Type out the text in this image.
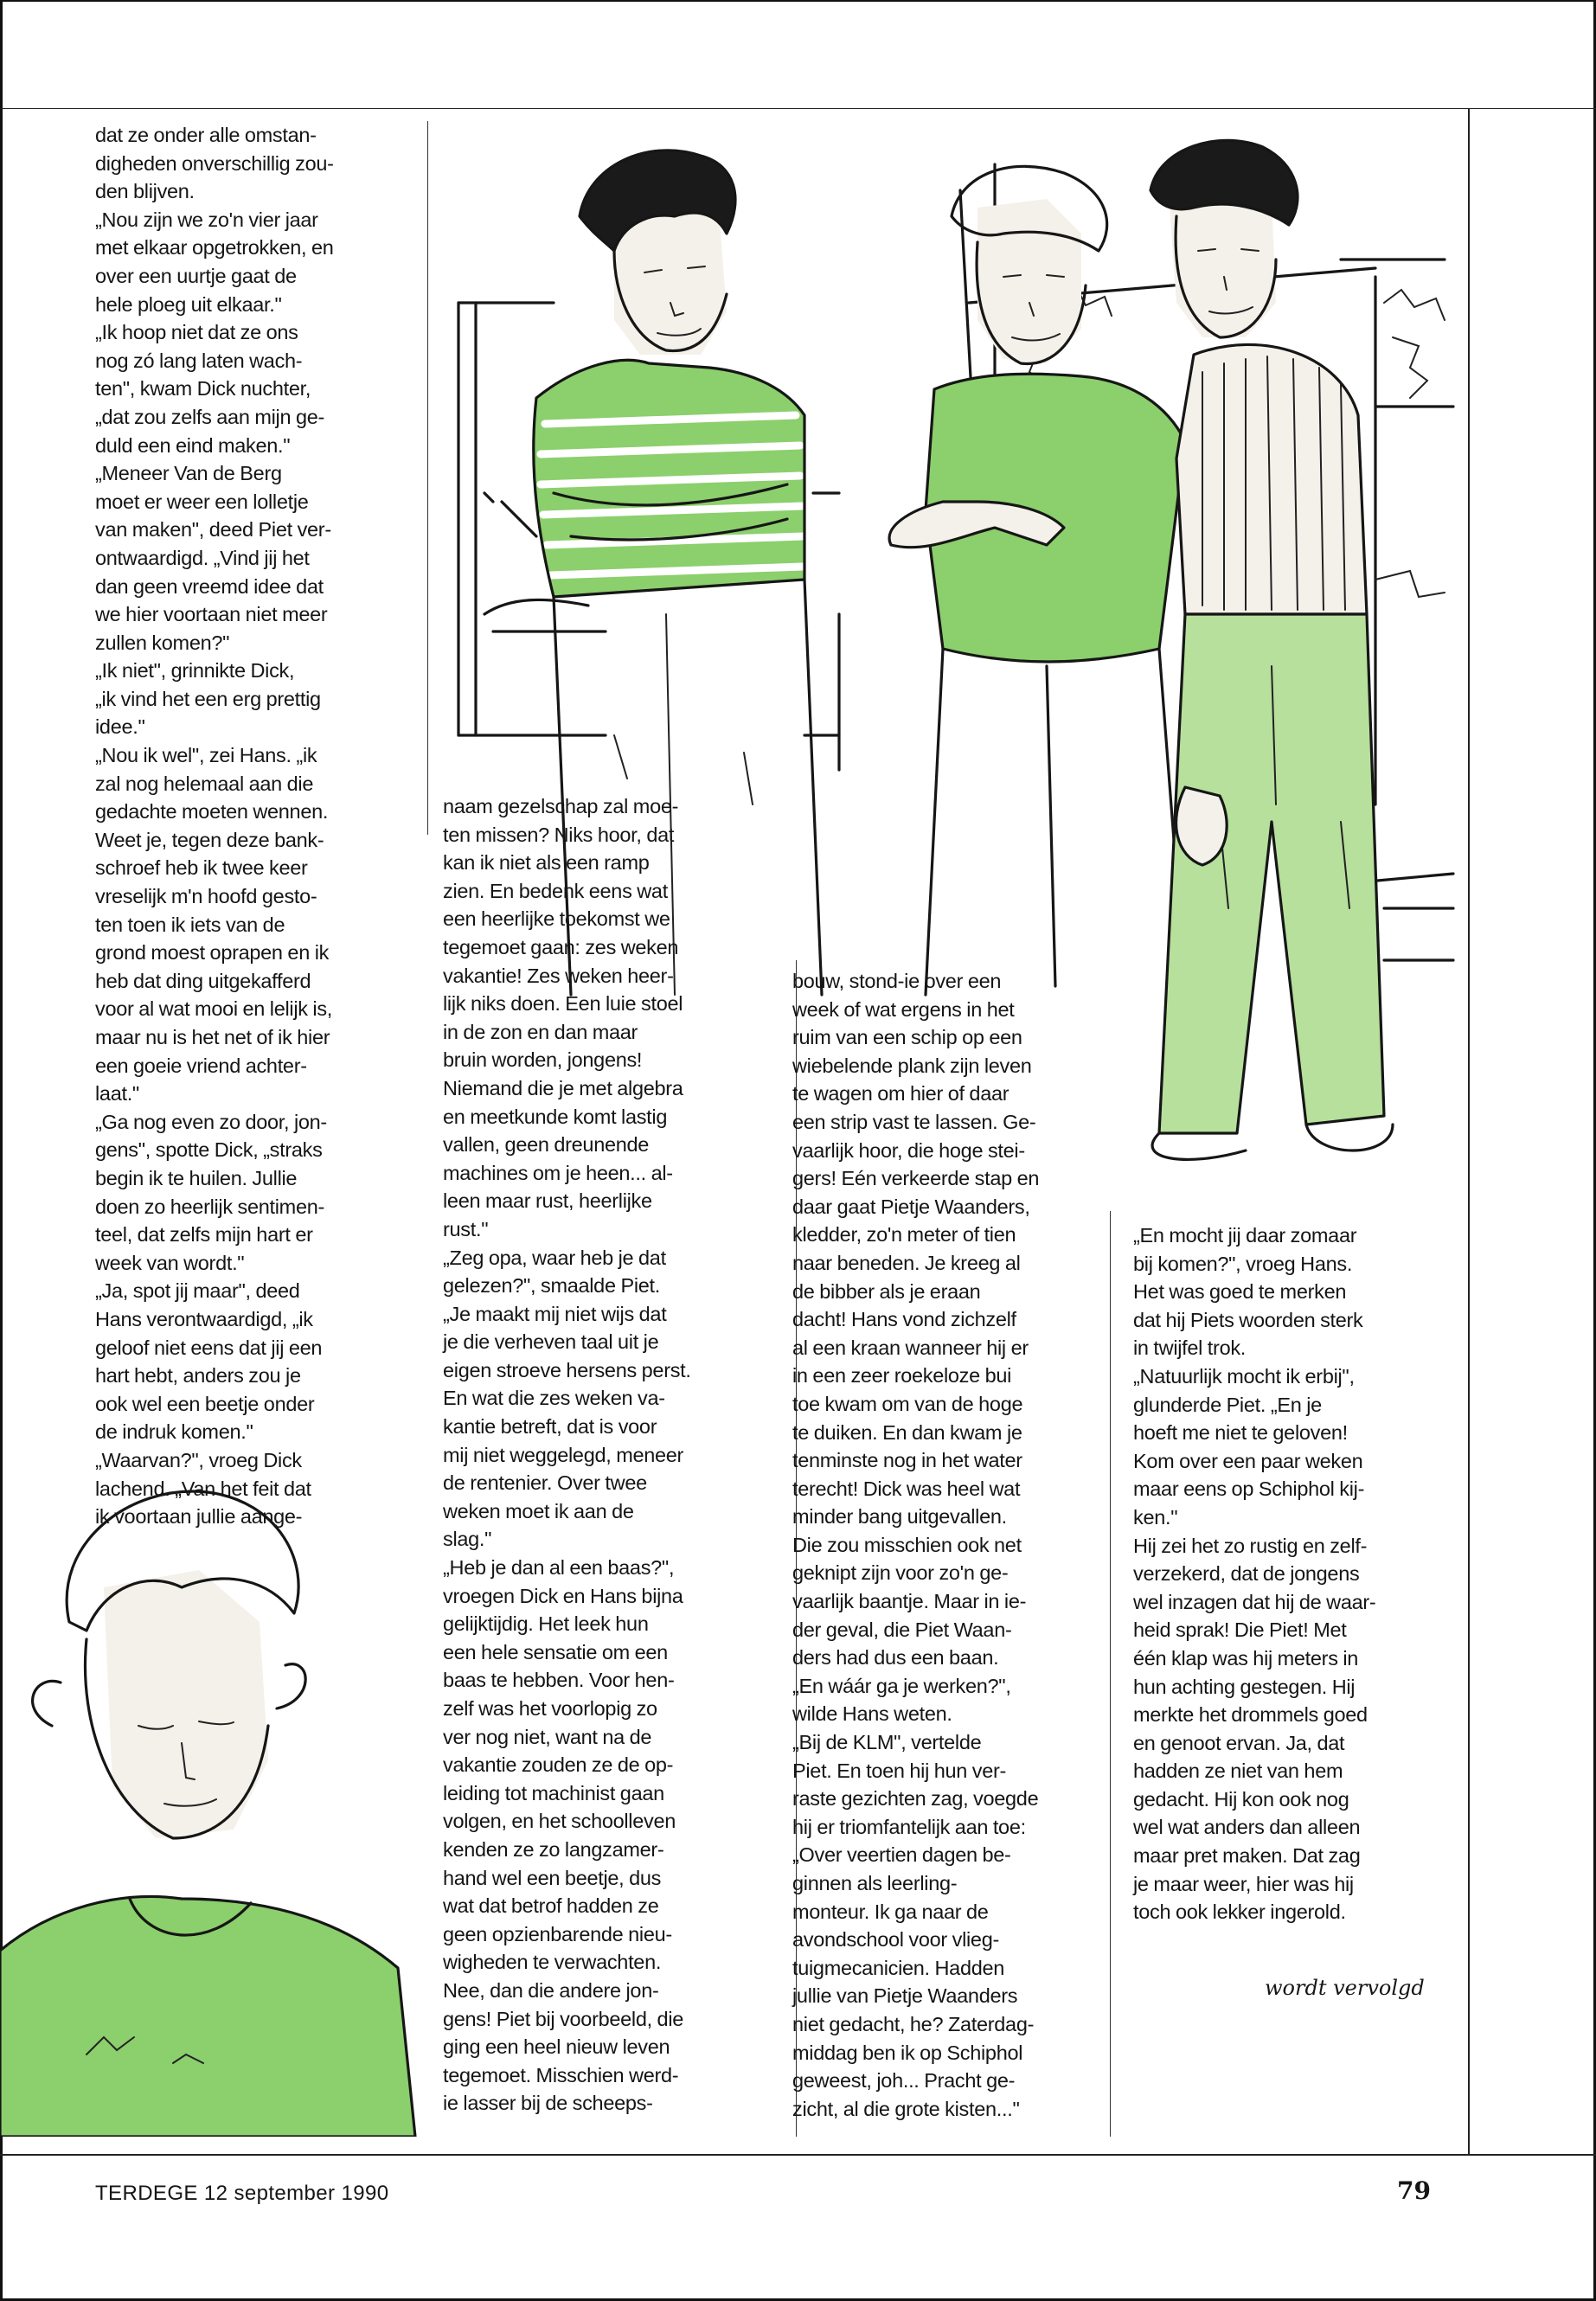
dat ze onder alle omstan-
digheden onverschillig zou-
den blijven.
„Nou zijn we zo'n vier jaar
met elkaar opgetrokken, en
over een uurtje gaat de
hele ploeg uit elkaar."
„Ik hoop niet dat ze ons
nog zó lang laten wach-
ten", kwam Dick nuchter,
„dat zou zelfs aan mijn ge-
duld een eind maken."
„Meneer Van de Berg
moet er weer een lolletje
van maken", deed Piet ver-
ontwaardigd. „Vind jij het
dan geen vreemd idee dat
we hier voortaan niet meer
zullen komen?"
„Ik niet", grinnikte Dick,
„ik vind het een erg prettig
idee."
„Nou ik wel", zei Hans. „ik
zal nog helemaal aan die
gedachte moeten wennen.
Weet je, tegen deze bank-
schroef heb ik twee keer
vreselijk m'n hoofd gesto-
ten toen ik iets van de
grond moest oprapen en ik
heb dat ding uitgekafferd
voor al wat mooi en lelijk is,
maar nu is het net of ik hier
een goeie vriend achter-
laat."
„Ga nog even zo door, jon-
gens", spotte Dick, „straks
begin ik te huilen. Jullie
doen zo heerlijk sentimen-
teel, dat zelfs mijn hart er
week van wordt."
„Ja, spot jij maar", deed
Hans verontwaardigd, „ik
geloof niet eens dat jij een
hart hebt, anders zou je
ook wel een beetje onder
de indruk komen."
„Waarvan?", vroeg Dick
lachend. „Van het feit dat
ik voortaan jullie aange-
naam gezelschap zal moe-
ten missen? Niks hoor, dat
kan ik niet als een ramp
zien. En bedenk eens wat
een heerlijke toekomst we
tegemoet gaan: zes weken
vakantie! Zes weken heer-
lijk niks doen. Een luie stoel
in de zon en dan maar
bruin worden, jongens!
Niemand die je met algebra
en meetkunde komt lastig
vallen, geen dreunende
machines om je heen... al-
leen maar rust, heerlijke
rust."
„Zeg opa, waar heb je dat
gelezen?", smaalde Piet.
„Je maakt mij niet wijs dat
je die verheven taal uit je
eigen stroeve hersens perst.
En wat die zes weken va-
kantie betreft, dat is voor
mij niet weggelegd, meneer
de rentenier. Over twee
weken moet ik aan de
slag."
„Heb je dan al een baas?",
vroegen Dick en Hans bijna
gelijktijdig. Het leek hun
een hele sensatie om een
baas te hebben. Voor hen-
zelf was het voorlopig zo
ver nog niet, want na de
vakantie zouden ze de op-
leiding tot machinist gaan
volgen, en het schoolleven
kenden ze zo langzamer-
hand wel een beetje, dus
wat dat betrof hadden ze
geen opzienbarende nieu-
wigheden te verwachten.
Nee, dan die andere jon-
gens! Piet bij voorbeeld, die
ging een heel nieuw leven
tegemoet. Misschien werd-
ie lasser bij de scheeps-
bouw, stond-ie over een
week of wat ergens in het
ruim van een schip op een
wiebelende plank zijn leven
te wagen om hier of daar
een strip vast te lassen. Ge-
vaarlijk hoor, die hoge stei-
gers! Eén verkeerde stap en
daar gaat Pietje Waanders,
kledder, zo'n meter of tien
naar beneden. Je kreeg al
de bibber als je eraan
dacht! Hans vond zichzelf
al een kraan wanneer hij er
in een zeer roekeloze bui
toe kwam om van de hoge
te duiken. En dan kwam je
tenminste nog in het water
terecht! Dick was heel wat
minder bang uitgevallen.
Die zou misschien ook net
geknipt zijn voor zo'n ge-
vaarlijk baantje. Maar in ie-
der geval, die Piet Waan-
ders had dus een baan.
„En wáár ga je werken?",
wilde Hans weten.
„Bij de KLM", vertelde
Piet. En toen hij hun ver-
raste gezichten zag, voegde
hij er triomfantelijk aan toe:
„Over veertien dagen be-
ginnen als leerling-
monteur. Ik ga naar de
avondschool voor vlieg-
tuigmecanicien. Hadden
jullie van Pietje Waanders
niet gedacht, he? Zaterdag-
middag ben ik op Schiphol
geweest, joh... Pracht ge-
zicht, al die grote kisten..."
„En mocht jij daar zomaar
bij komen?", vroeg Hans.
Het was goed te merken
dat hij Piets woorden sterk
in twijfel trok.
„Natuurlijk mocht ik erbij",
glunderde Piet. „En je
hoeft me niet te geloven!
Kom over een paar weken
maar eens op Schiphol kij-
ken."
Hij zei het zo rustig en zelf-
verzekerd, dat de jongens
wel inzagen dat hij de waar-
heid sprak! Die Piet! Met
één klap was hij meters in
hun achting gestegen. Hij
merkte het drommels goed
en genoot ervan. Ja, dat
hadden ze niet van hem
gedacht. Hij kon ook nog
wel wat anders dan alleen
maar pret maken. Dat zag
je maar weer, hier was hij
toch ook lekker ingerold.
wordt vervolgd
TERDEGE 12 september 1990	79
